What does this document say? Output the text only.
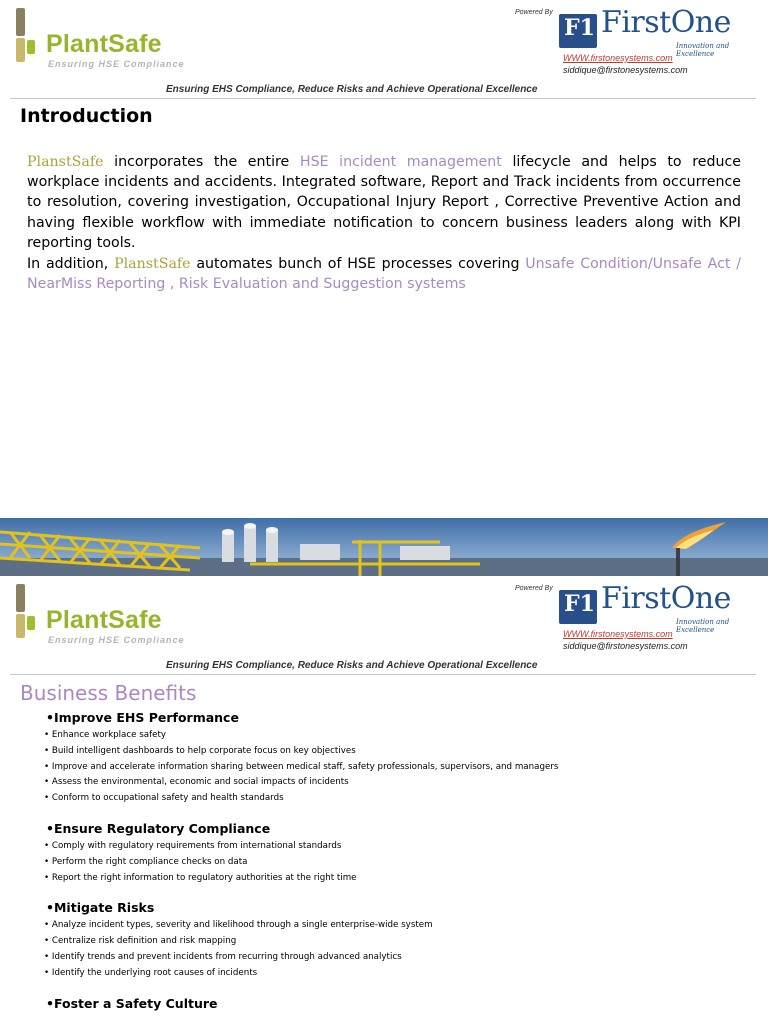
PlantSafe
Ensuring HSE Compliance
Powered By
F1 FirstOne
Innovation and Excellence
WWW.firstonesystems.com
siddique@firstonesystems.com
Ensuring EHS Compliance, Reduce Risks and Achieve Operational Excellence
Introduction
PlanstSafe incorporates the entire HSE incident management lifecycle and helps to reduce workplace incidents and accidents. Integrated software, Report and Track incidents from occurrence to resolution, covering investigation, Occupational Injury Report , Corrective Preventive Action and having flexible workflow with immediate notification to concern business leaders along with KPI reporting tools.
In addition, PlanstSafe automates bunch of HSE processes covering Unsafe Condition/Unsafe Act / NearMiss Reporting , Risk Evaluation and Suggestion systems
PlantSafe
Ensuring HSE Compliance
Powered By
F1 FirstOne
Innovation and Excellence
WWW.firstonesystems.com
siddique@firstonesystems.com
Ensuring EHS Compliance, Reduce Risks and Achieve Operational Excellence
Business Benefits
•Improve EHS Performance
• Enhance workplace safety
• Build intelligent dashboards to help corporate focus on key objectives
• Improve and accelerate information sharing between medical staff, safety professionals, supervisors, and managers
• Assess the environmental, economic and social impacts of incidents
• Conform to occupational safety and health standards
•Ensure Regulatory Compliance
• Comply with regulatory requirements from international standards
• Perform the right compliance checks on data
• Report the right information to regulatory authorities at the right time
•Mitigate Risks
• Analyze incident types, severity and likelihood through a single enterprise-wide system
• Centralize risk definition and risk mapping
• Identify trends and prevent incidents from recurring through advanced analytics
• Identify the underlying root causes of incidents
•Foster a Safety Culture
